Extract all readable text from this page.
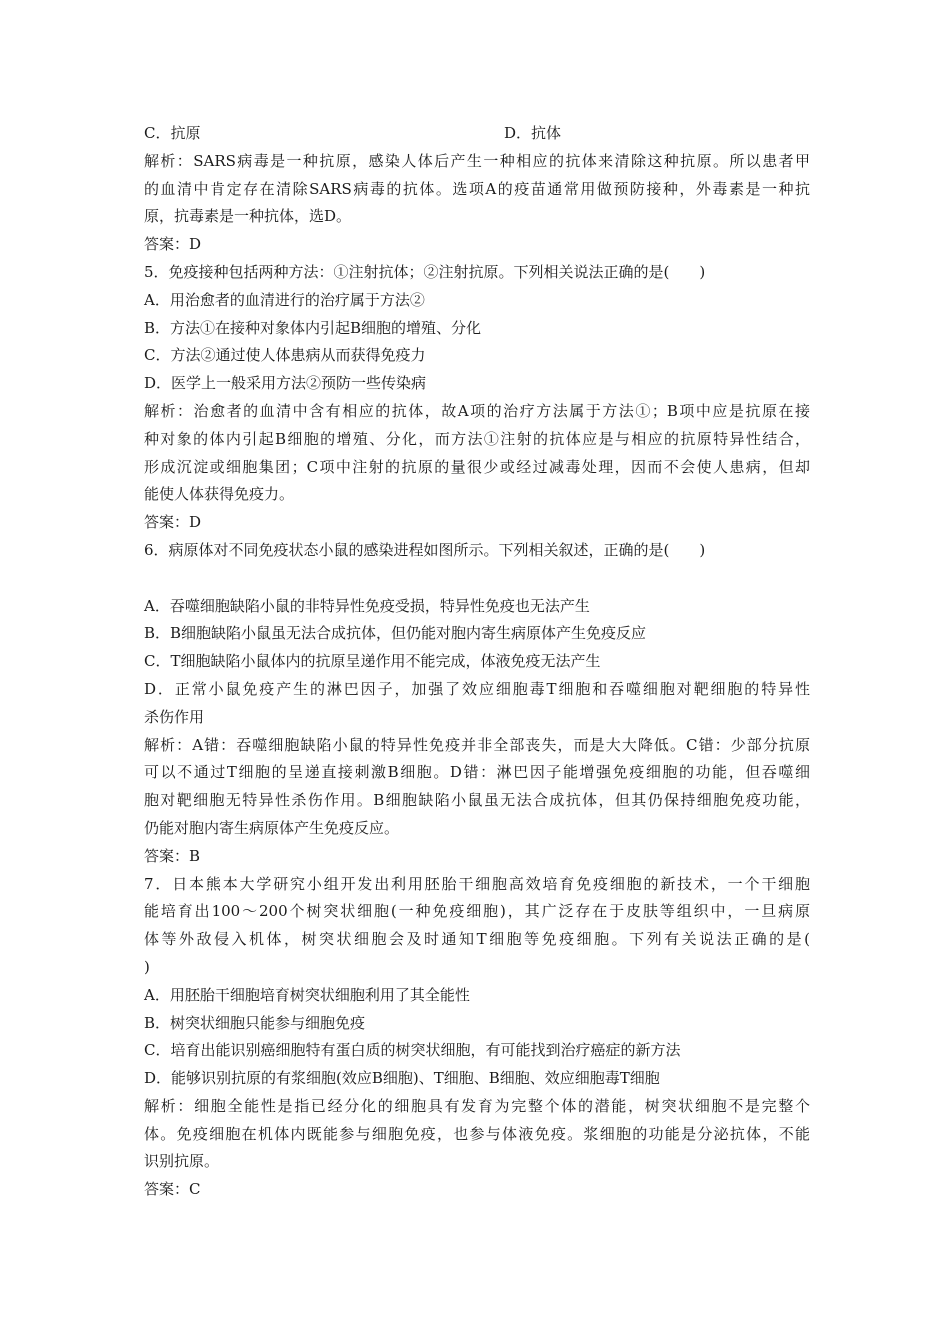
C．抗原	D．抗体
解析：SARS病毒是一种抗原，感染人体后产生一种相应的抗体来清除这种抗原。所以患者甲
的血清中肯定存在清除SARS病毒的抗体。选项A的疫苗通常用做预防接种，外毒素是一种抗
原，抗毒素是一种抗体，选D。
答案：D
5．免疫接种包括两种方法：①注射抗体；②注射抗原。下列相关说法正确的是(　　)
A．用治愈者的血清进行的治疗属于方法②
B．方法①在接种对象体内引起B细胞的增殖、分化
C．方法②通过使人体患病从而获得免疫力
D．医学上一般采用方法②预防一些传染病
解析：治愈者的血清中含有相应的抗体，故A项的治疗方法属于方法①；B项中应是抗原在接
种对象的体内引起B细胞的增殖、分化，而方法①注射的抗体应是与相应的抗原特异性结合，
形成沉淀或细胞集团；C项中注射的抗原的量很少或经过减毒处理，因而不会使人患病，但却
能使人体获得免疫力。
答案：D
6．病原体对不同免疫状态小鼠的感染进程如图所示。下列相关叙述，正确的是(　　)
A．吞噬细胞缺陷小鼠的非特异性免疫受损，特异性免疫也无法产生
B．B细胞缺陷小鼠虽无法合成抗体，但仍能对胞内寄生病原体产生免疫反应
C．T细胞缺陷小鼠体内的抗原呈递作用不能完成，体液免疫无法产生
D．正常小鼠免疫产生的淋巴因子，加强了效应细胞毒T细胞和吞噬细胞对靶细胞的特异性
杀伤作用
解析：A错：吞噬细胞缺陷小鼠的特异性免疫并非全部丧失，而是大大降低。C错：少部分抗原
可以不通过T细胞的呈递直接刺激B细胞。D错：淋巴因子能增强免疫细胞的功能，但吞噬细
胞对靶细胞无特异性杀伤作用。B细胞缺陷小鼠虽无法合成抗体，但其仍保持细胞免疫功能，
仍能对胞内寄生病原体产生免疫反应。
答案：B
7．日本熊本大学研究小组开发出利用胚胎干细胞高效培育免疫细胞的新技术，一个干细胞
能培育出100～200个树突状细胞(一种免疫细胞)，其广泛存在于皮肤等组织中，一旦病原
体等外敌侵入机体，树突状细胞会及时通知T细胞等免疫细胞。下列有关说法正确的是(
)
A．用胚胎干细胞培育树突状细胞利用了其全能性
B．树突状细胞只能参与细胞免疫
C．培育出能识别癌细胞特有蛋白质的树突状细胞，有可能找到治疗癌症的新方法
D．能够识别抗原的有浆细胞(效应B细胞)、T细胞、B细胞、效应细胞毒T细胞
解析：细胞全能性是指已经分化的细胞具有发育为完整个体的潜能，树突状细胞不是完整个
体。免疫细胞在机体内既能参与细胞免疫，也参与体液免疫。浆细胞的功能是分泌抗体，不能
识别抗原。
答案：C
